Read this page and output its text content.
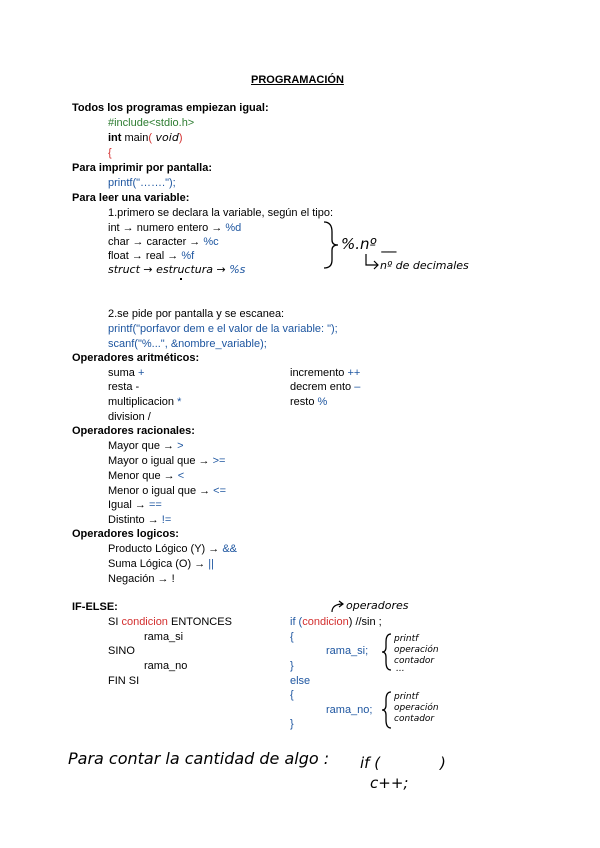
PROGRAMACIÓN
Todos los programas empiezan igual:
#include<stdio.h>
int main( void)
{
Para imprimir por pantalla:
printf("…….");
Para leer una variable:
1.primero se declara la variable, según el tipo:
int → numero entero → %d
char → caracter → %c
float → real → %f
struct → estructura → %s
%.nº __
nº de decimales
2.se pide por pantalla y se escanea:
printf("porfavor dem e el valor de la variable: ");
scanf("%...", &nombre_variable);
Operadores aritméticos:
suma +
resta -
multiplicacion *
division /
incremento ++
decrem ento –
resto %
Operadores racionales:
Mayor que → >
Mayor o igual que → >=
Menor que → <
Menor o igual que → <=
Igual → ==
Distinto → !=
Operadores logicos:
Producto Lógico (Y) → &&
Suma Lógica (O) → ||
Negación → !
IF-ELSE:	operadores
SI condicion ENTONCES
rama_si
SINO
rama_no
FIN SI
if (condicion) //sin ;
{
rama_si;
}
else
{
rama_no;
}
printf
operación
contador
...
printf
operación
contador
Para contar la cantidad de algo : if (	)
c++;
